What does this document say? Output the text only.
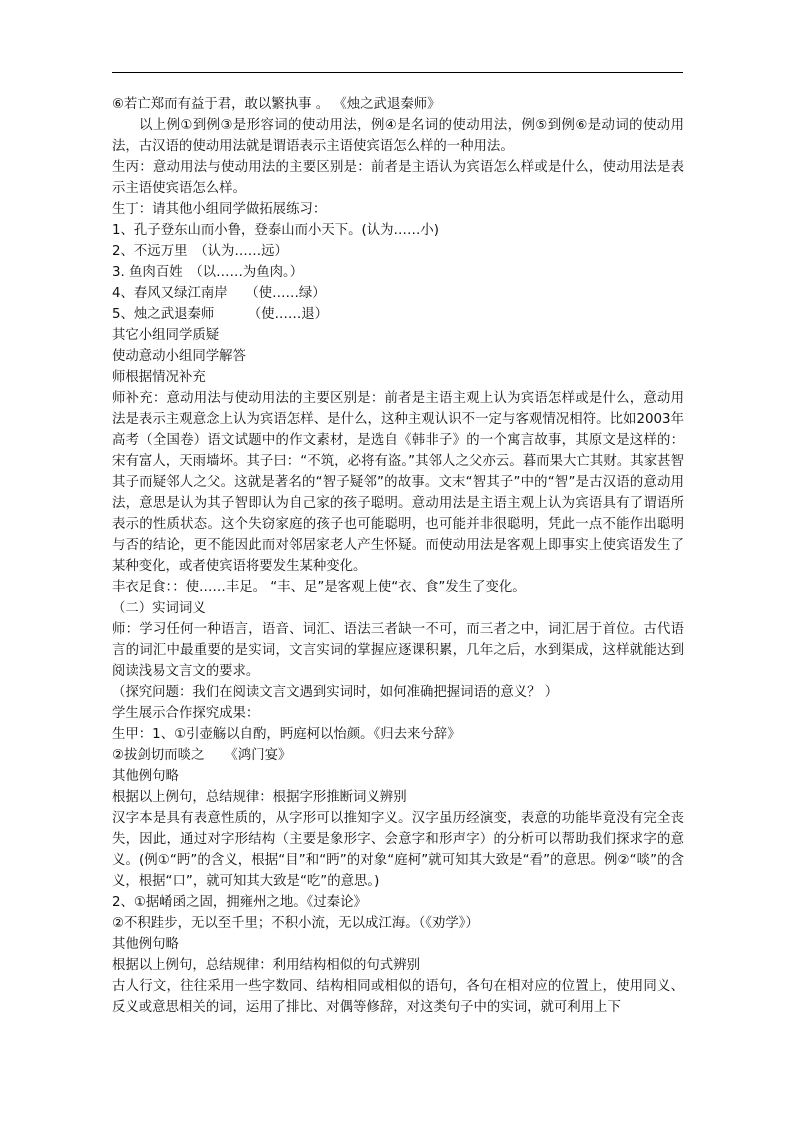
⑥若亡郑而有益于君，敢以繁执事 。 《烛之武退秦师》

以上例①到例③是形容词的使动用法，例④是名词的使动用法，例⑤到例⑥是动词的使动用法，古汉语的使动用法就是谓语表示主语使宾语怎么样的一种用法。

生丙：意动用法与使动用法的主要区别是：前者是主语认为宾语怎么样或是什么，使动用法是表示主语使宾语怎么样。

生丁：请其他小组同学做拓展练习：

1、孔子登东山而小鲁，登泰山而小天下。(认为……小)

2、不远万里　（认为……远）

3. 鱼肉百姓　（以……为鱼肉。）

4、春风又绿江南岸　 （使……绿）

5、烛之武退秦师　　　（使……退）

其它小组同学质疑

使动意动小组同学解答

师根据情况补充

师补充：意动用法与使动用法的主要区别是：前者是主语主观上认为宾语怎样或是什么，意动用法是表示主观意念上认为宾语怎样、是什么，这种主观认识不一定与客观情况相符。比如2003年高考（全国卷）语文试题中的作文素材，是选自《韩非子》的一个寓言故事，其原文是这样的： 宋有富人，天雨墙坏。其子曰：“不筑，必将有盗。”其邻人之父亦云。暮而果大亡其财。其家甚智其子而疑邻人之父。这就是著名的“智子疑邻”的故事。文末“智其子”中的“智”是古汉语的意动用法，意思是认为其子智即认为自己家的孩子聪明。意动用法是主语主观上认为宾语具有了谓语所表示的性质状态。这个失窃家庭的孩子也可能聪明，也可能并非很聪明，凭此一点不能作出聪明与否的结论，更不能因此而对邻居家老人产生怀疑。而使动用法是客观上即事实上使宾语发生了某种变化，或者使宾语将要发生某种变化。

丰衣足食：：使……丰足。 “丰、足”是客观上使“衣、食”发生了变化。

（二）实词词义

师：学习任何一种语言，语音、词汇、语法三者缺一不可，而三者之中，词汇居于首位。古代语言的词汇中最重要的是实词，文言实词的掌握应逐课积累，几年之后，水到渠成，这样就能达到阅读浅易文言文的要求。

（探究问题：我们在阅读文言文遇到实词时，如何准确把握词语的意义？ ）

学生展示合作探究成果：

生甲：1、①引壶觞以自酌，眄庭柯以怡颜。《归去来兮辞》

②拔剑切而啖之　　《鸿门宴》

其他例句略

根据以上例句，总结规律：根据字形推断词义辨别

汉字本是具有表意性质的，从字形可以推知字义。汉字虽历经演变，表意的功能毕竟没有完全丧失，因此，通过对字形结构（主要是象形字、会意字和形声字）的分析可以帮助我们探求字的意义。(例①“眄”的含义，根据“目”和“眄”的对象“庭柯”就可知其大致是“看”的意思。例②“啖”的含义，根据“口”，就可知其大致是“吃”的意思。)

2、①据崤函之固，拥雍州之地。《过秦论》

②不积跬步，无以至千里；不积小流，无以成江海。（《劝学》）

其他例句略

根据以上例句，总结规律：利用结构相似的句式辨别

古人行文，往往采用一些字数同、结构相同或相似的语句，各句在相对应的位置上，使用同义、反义或意思相关的词，运用了排比、对偶等修辞，对这类句子中的实词，就可利用上下
